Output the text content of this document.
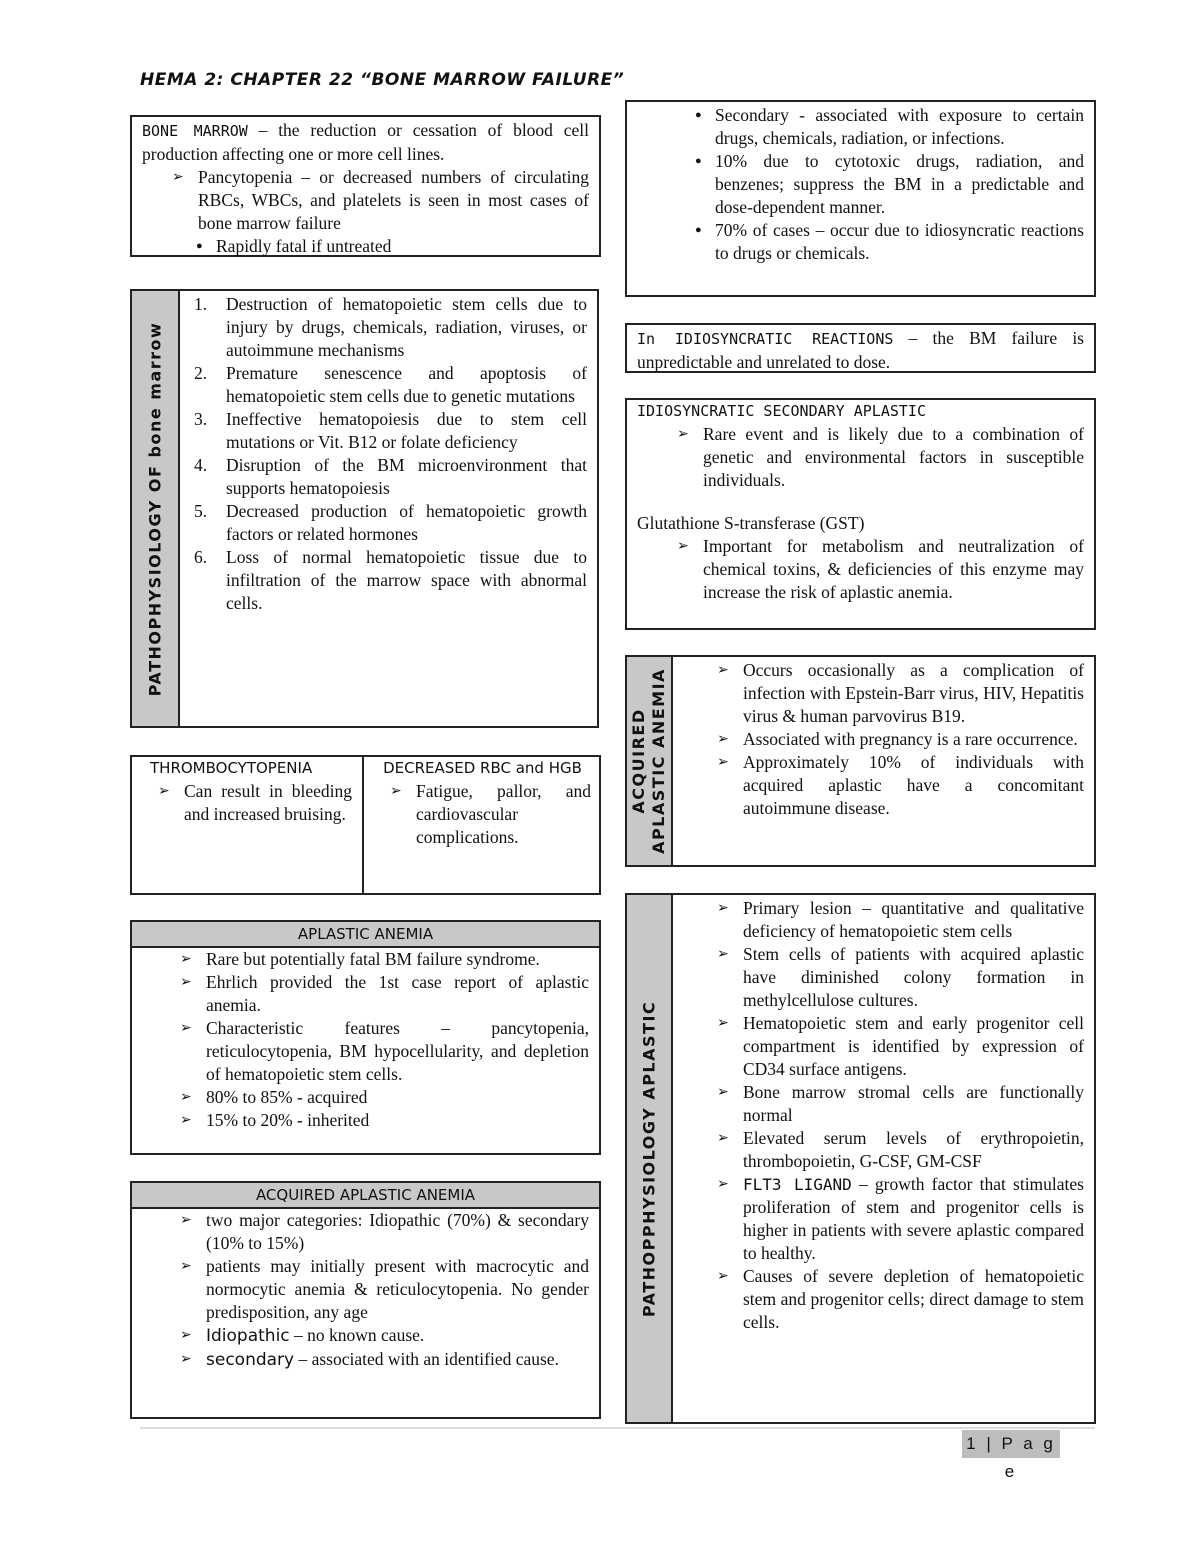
HEMA 2: CHAPTER 22 “BONE MARROW FAILURE”
BONE MARROW – the reduction or cessation of blood cell production affecting one or more cell lines.
➢ Pancytopenia – or decreased numbers of circulating RBCs, WBCs, and platelets is seen in most cases of bone marrow failure
● Rapidly fatal if untreated
PATHOPHYSIOLOGY OF bone marrow
1. Destruction of hematopoietic stem cells due to injury by drugs, chemicals, radiation, viruses, or autoimmune mechanisms
2. Premature senescence and apoptosis of hematopoietic stem cells due to genetic mutations
3. Ineffective hematopoiesis due to stem cell mutations or Vit. B12 or folate deficiency
4. Disruption of the BM microenvironment that supports hematopoiesis
5. Decreased production of hematopoietic growth factors or related hormones
6. Loss of normal hematopoietic tissue due to infiltration of the marrow space with abnormal cells.
THROMBOCYTOPENIA
➢ Can result in bleeding and increased bruising.
DECREASED RBC and HGB
➢ Fatigue, pallor, and cardiovascular complications.
APLASTIC ANEMIA
➢ Rare but potentially fatal BM failure syndrome.
➢ Ehrlich provided the 1st case report of aplastic anemia.
➢ Characteristic features – pancytopenia, reticulocytopenia, BM hypocellularity, and depletion of hematopoietic stem cells.
➢ 80% to 85% - acquired
➢ 15% to 20% - inherited
ACQUIRED APLASTIC ANEMIA
➢ two major categories: Idiopathic (70%) & secondary (10% to 15%)
➢ patients may initially present with macrocytic and normocytic anemia & reticulocytopenia. No gender predisposition, any age
➢ Idiopathic – no known cause.
➢ secondary – associated with an identified cause.
● Secondary - associated with exposure to certain drugs, chemicals, radiation, or infections.
● 10% due to cytotoxic drugs, radiation, and benzenes; suppress the BM in a predictable and dose-dependent manner.
● 70% of cases – occur due to idiosyncratic reactions to drugs or chemicals.
In IDIOSYNCRATIC REACTIONS – the BM failure is unpredictable and unrelated to dose.
IDIOSYNCRATIC SECONDARY APLASTIC
➢ Rare event and is likely due to a combination of genetic and environmental factors in susceptible individuals.
Glutathione S-transferase (GST)
➢ Important for metabolism and neutralization of chemical toxins, & deficiencies of this enzyme may increase the risk of aplastic anemia.
ACQUIRED APLASTIC ANEMIA
➢	Occurs occasionally as a complication of infection with Epstein-Barr virus, HIV, Hepatitis virus & human parvovirus B19.
➢ Associated with pregnancy is a rare occurrence.
➢ Approximately 10% of individuals with acquired aplastic have a concomitant autoimmune disease.
PATHOPPHYSIOLOGY APLASTIC
➢ Primary lesion – quantitative and qualitative deficiency of hematopoietic stem cells
➢ Stem cells of patients with acquired aplastic have diminished colony formation in methylcellulose cultures.
➢ Hematopoietic stem and early progenitor cell compartment is identified by expression of CD34 surface antigens.
➢ Bone marrow stromal cells are functionally normal
➢ Elevated serum levels of erythropoietin, thrombopoietin, G-CSF, GM-CSF
➢ FLT3 LIGAND – growth factor that stimulates proliferation of stem and progenitor cells is higher in patients with severe aplastic compared to healthy.
➢ Causes of severe depletion of hematopoietic stem and progenitor cells; direct damage to stem cells.
1 | P a g e
